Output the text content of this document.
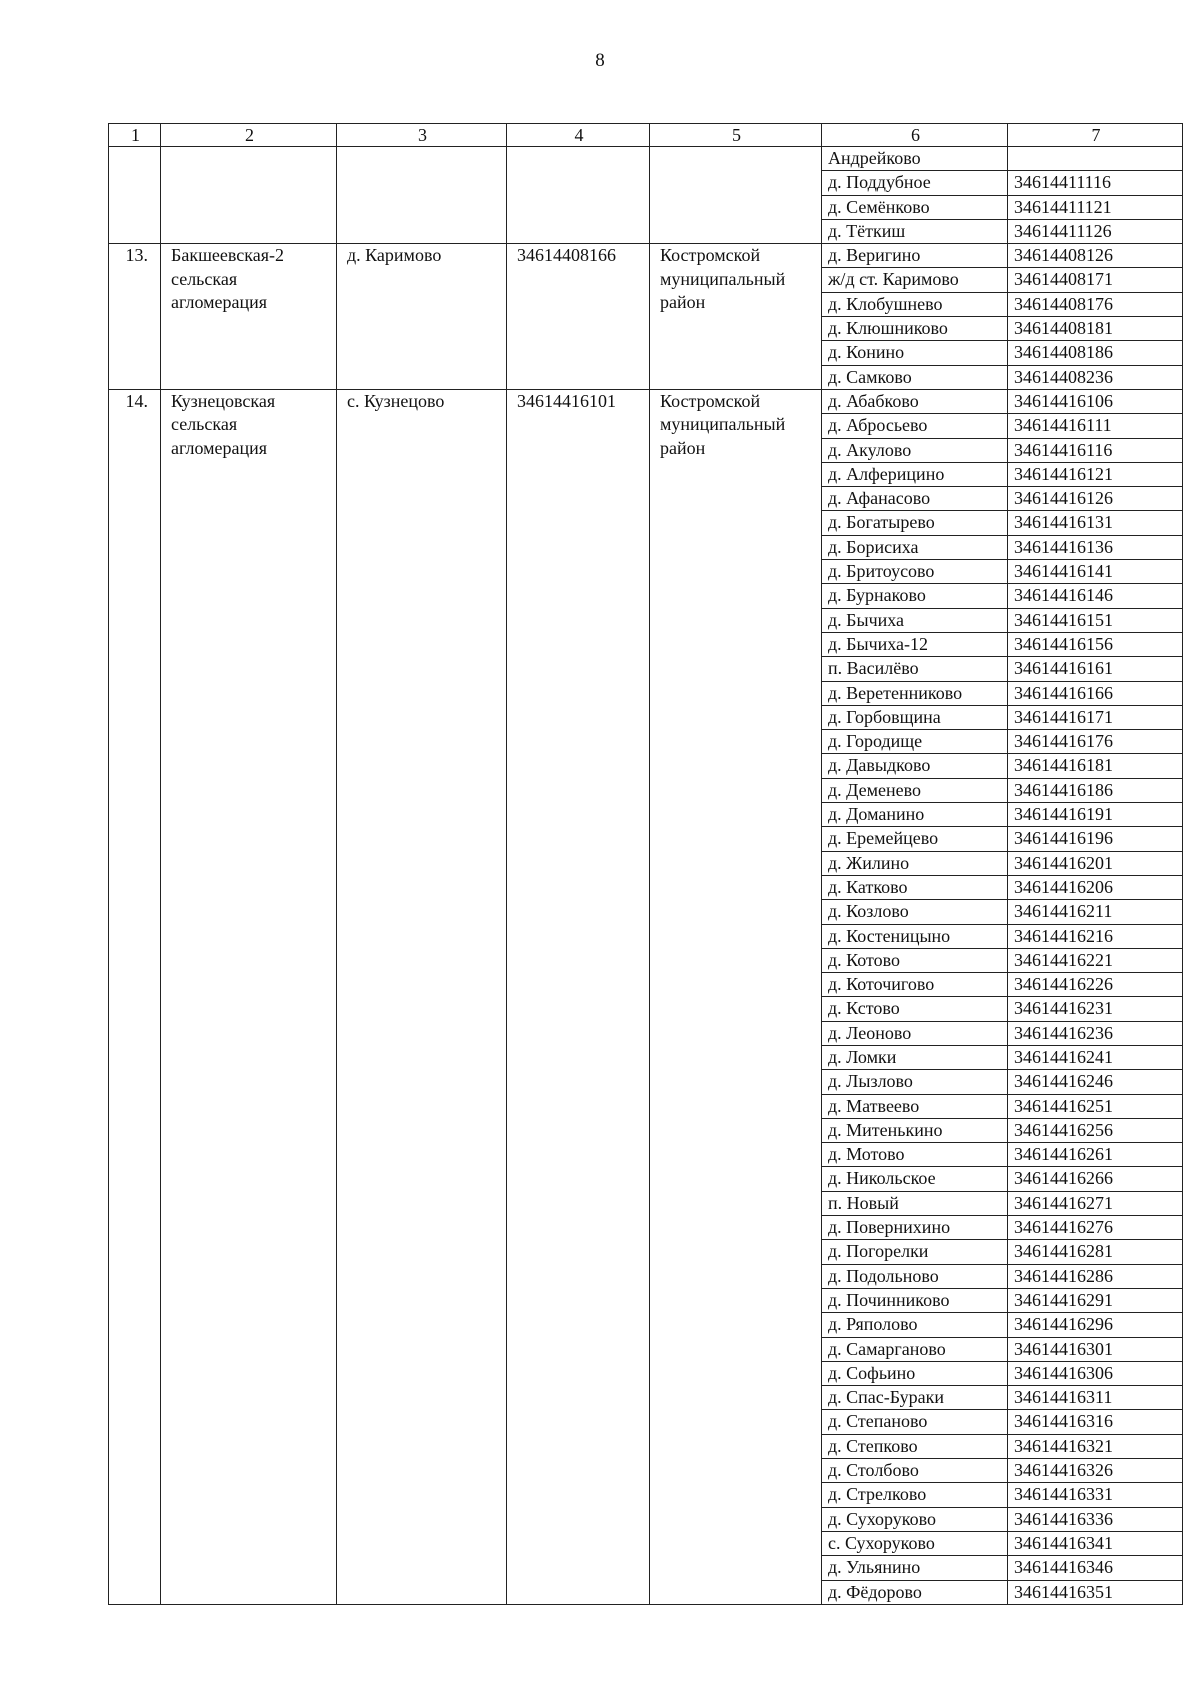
8
1	2	3	4	5	6	7
					Андрейково	
					д. Поддубное	34614411116
					д. Семёнково	34614411121
					д. Тёткиш	34614411126
13.	Бакшеевская-2 сельская агломерация	д. Каримово	34614408166	Костромской муниципальный район	д. Веригино	34614408126
					ж/д ст. Каримово	34614408171
					д. Клобушнево	34614408176
					д. Клюшниково	34614408181
					д. Конино	34614408186
					д. Самково	34614408236
14.	Кузнецовская сельская агломерация	с. Кузнецово	34614416101	Костромской муниципальный район	д. Абабково	34614416106
					д. Абросьево	34614416111
					д. Акулово	34614416116
					д. Алферицино	34614416121
					д. Афанасово	34614416126
					д. Богатырево	34614416131
					д. Борисиха	34614416136
					д. Бритоусово	34614416141
					д. Бурнаково	34614416146
					д. Бычиха	34614416151
					д. Бычиха-12	34614416156
					п. Василёво	34614416161
					д. Веретенниково	34614416166
					д. Горбовщина	34614416171
					д. Городище	34614416176
					д. Давыдково	34614416181
					д. Деменево	34614416186
					д. Доманино	34614416191
					д. Еремейцево	34614416196
					д. Жилино	34614416201
					д. Катково	34614416206
					д. Козлово	34614416211
					д. Костеницыно	34614416216
					д. Котово	34614416221
					д. Коточигово	34614416226
					д. Кстово	34614416231
					д. Леоново	34614416236
					д. Ломки	34614416241
					д. Лызлово	34614416246
					д. Матвеево	34614416251
					д. Митенькино	34614416256
					д. Мотово	34614416261
					д. Никольское	34614416266
					п. Новый	34614416271
					д. Повернихино	34614416276
					д. Погорелки	34614416281
					д. Подольново	34614416286
					д. Починниково	34614416291
					д. Ряполово	34614416296
					д. Самарганово	34614416301
					д. Софьино	34614416306
					д. Спас-Бураки	34614416311
					д. Степаново	34614416316
					д. Степково	34614416321
					д. Столбово	34614416326
					д. Стрелково	34614416331
					д. Сухоруково	34614416336
					с. Сухоруково	34614416341
					д. Ульянино	34614416346
					д. Фёдорово	34614416351
